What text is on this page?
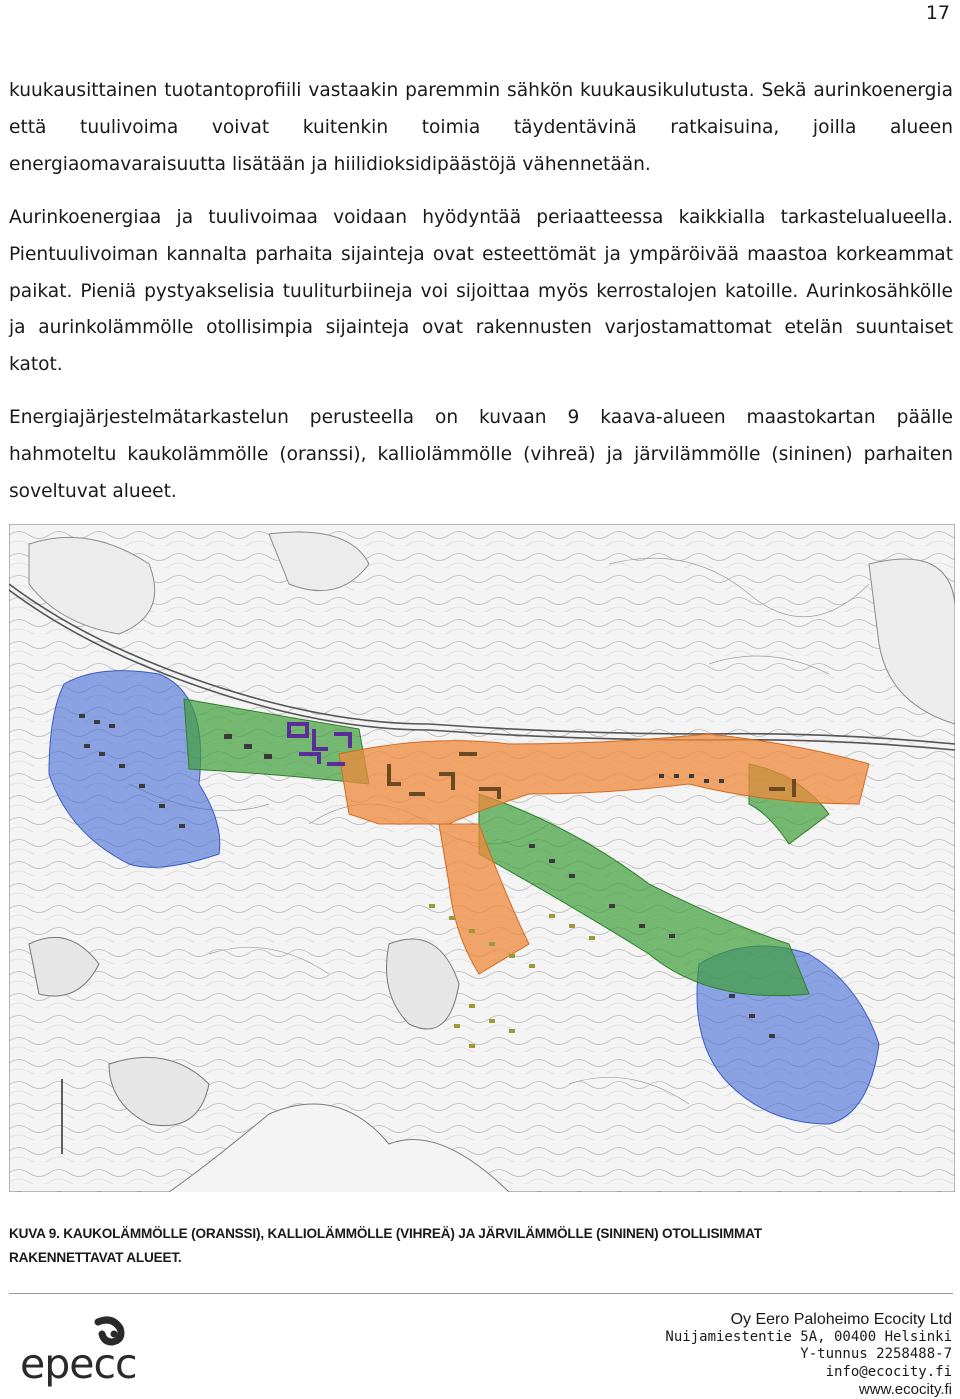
17

kuukausittainen tuotantoprofiili vastaakin paremmin sähkön kuukausikulutusta. Sekä aurinkoenergia että tuulivoima voivat kuitenkin toimia täydentävinä ratkaisuina, joilla alueen energiaomavaraisuutta lisätään ja hiilidioksidipäästöjä vähennetään.

Aurinkoenergiaa ja tuulivoimaa voidaan hyödyntää periaatteessa kaikkialla tarkastelualueella. Pientuulivoiman kannalta parhaita sijainteja ovat esteettömät ja ympäröivää maastoa korkeammat paikat. Pieniä pystyakselisia tuuliturbiineja voi sijoittaa myös kerrostalojen katoille. Aurinkosähkölle ja aurinkolämmölle otollisimpia sijainteja ovat rakennusten varjostamattomat etelän suuntaiset katot.

Energiajärjestelmätarkastelun perusteella on kuvaan 9 kaava-alueen maastokartan päälle hahmoteltu kaukolämmölle (oranssi), kalliolämmölle (vihreä) ja järvilämmölle (sininen) parhaiten soveltuvat alueet.

KUVA 9. KAUKOLÄMMÖLLE (ORANSSI), KALLIOLÄMMÖLLE (VIHREÄ) JA JÄRVILÄMMÖLLE (SININEN) OTOLLISIMMAT
RAKENNETTAVAT ALUEET.
epecc
Oy Eero Paloheimo Ecocity Ltd
Nuijamiestentie 5A, 00400 Helsinki
Y-tunnus 2258488-7
info@ecocity.fi
www.ecocity.fi
